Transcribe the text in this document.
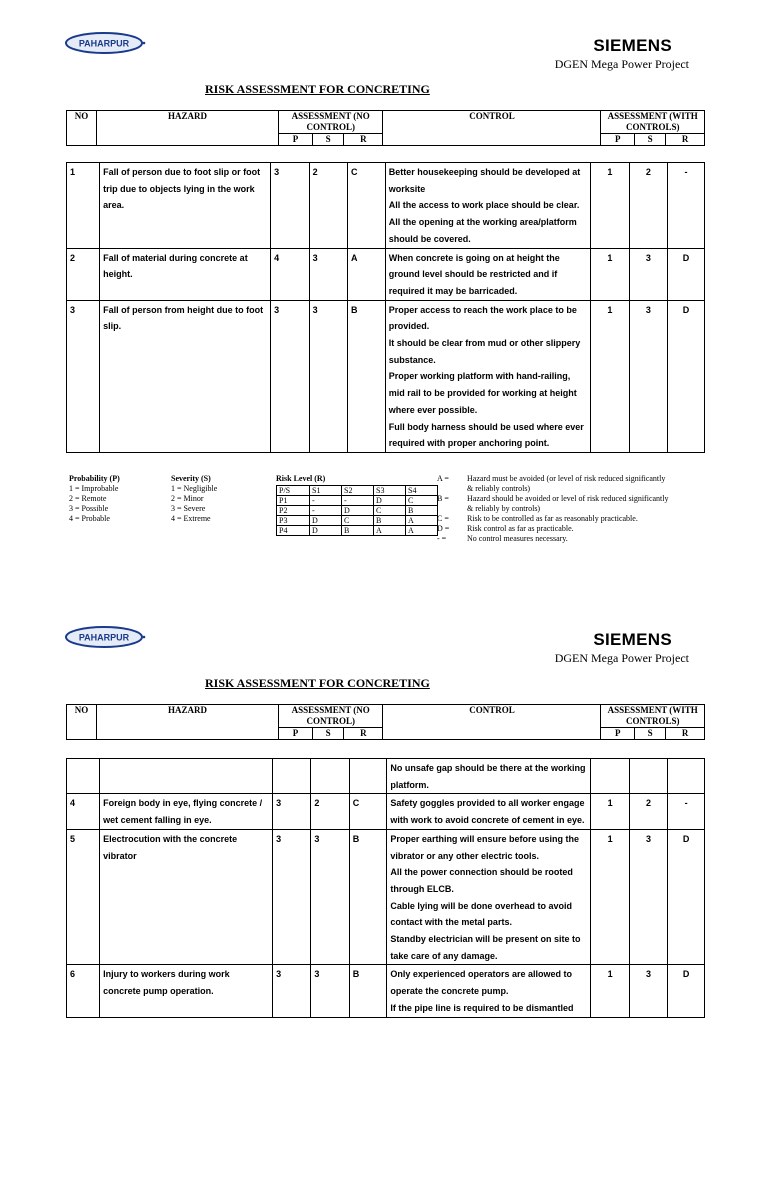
PAHARPUR	SIEMENS
DGEN Mega Power Project
RISK ASSESSMENT FOR CONCRETING
NO	HAZARD	ASSESSMENT (NO CONTROL)			CONTROL	ASSESSMENT (WITH CONTROLS)		
		P	S	R		P	S	R
1	Fall of person due to foot slip or foot trip due to objects lying in the work area.	3	2	C	Better housekeeping should be developed at worksite
All the access to work place should be clear.
All the opening at the working area/platform should be covered.	1	2	-
2	Fall of material during concrete at height.	4	3	A	When concrete is going on at height the ground level should be restricted and if required it may be barricaded.	1	3	D
3	Fall of person from height due to foot slip.	3	3	B	Proper access to reach the work place to be provided.
It should be clear from mud or other slippery substance.
Proper working platform with hand-railing, mid rail to be provided for working at height where ever possible.
Full body harness should be used where ever required with proper anchoring point.	1	3	D
Probability (P)
1 = Improbable
2 = Remote
3 = Possible
4 = Probable
Severity (S)
1 = Negligible
2 = Minor
3 = Severe
4 = Extreme
Risk Level (R)
P/S	S1	S2	S3	S4
P1	-	-	D	C
P2	-	D	C	B
P3	D	C	B	A
P4	D	B	A	A
A = Hazard must be avoided (or level of risk reduced significantly
& reliably controls)
B = Hazard should be avoided or level of risk reduced significantly
& reliably by controls)
C = Risk to be controlled as far as reasonably practicable.
D = Risk control as far as practicable.
- =	No control measures necessary.
PAHARPUR	SIEMENS
DGEN Mega Power Project
RISK ASSESSMENT FOR CONCRETING
NO	HAZARD	ASSESSMENT (NO CONTROL)			CONTROL	ASSESSMENT (WITH CONTROLS)		
		P	S	R		P	S	R

					No unsafe gap should be there at the working platform.			

4	Foreign body in eye, flying concrete / wet cement falling in eye.	3	2	C	Safety goggles provided to all worker engage with work to avoid concrete of cement in eye.	1	2	-
5	Electrocution with the concrete vibrator	3	3	B	Proper earthing will ensure before using the vibrator or any other electric tools.
All the power connection should be rooted through ELCB.
Cable lying will be done overhead to avoid contact with the metal parts.
Standby electrician will be present on site to take care of any damage.	1	3	D
6	Injury to workers during work concrete pump operation.	3	3	B	Only experienced operators are allowed to operate the concrete pump.
If the pipe line is required to be dismantled	1	3	D
